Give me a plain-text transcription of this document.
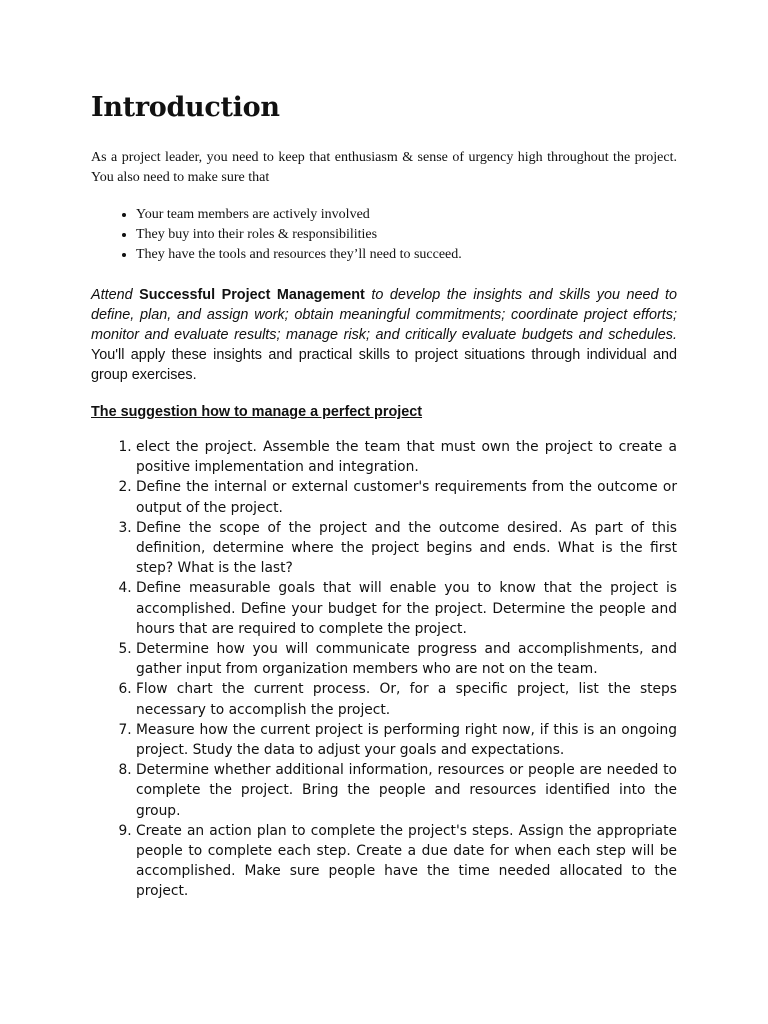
Introduction

As a project leader, you need to keep that enthusiasm & sense of urgency high throughout the project. You also need to make sure that

• Your team members are actively involved
• They buy into their roles & responsibilities
• They have the tools and resources they’ll need to succeed.

Attend Successful Project Management to develop the insights and skills you need to define, plan, and assign work; obtain meaningful commitments; coordinate project efforts; monitor and evaluate results; manage risk; and critically evaluate budgets and schedules. You'll apply these insights and practical skills to project situations through individual and group exercises.

The suggestion how to manage a perfect project
1. elect the project. Assemble the team that must own the project to create a positive implementation and integration.
2. Define the internal or external customer's requirements from the outcome or output of the project.
3. Define the scope of the project and the outcome desired. As part of this definition, determine where the project begins and ends. What is the first step? What is the last?
4. Define measurable goals that will enable you to know that the project is accomplished. Define your budget for the project. Determine the people and hours that are required to complete the project.
5. Determine how you will communicate progress and accomplishments, and gather input from organization members who are not on the team.
6. Flow chart the current process. Or, for a specific project, list the steps necessary to accomplish the project.
7. Measure how the current project is performing right now, if this is an ongoing project. Study the data to adjust your goals and expectations.
8. Determine whether additional information, resources or people are needed to complete the project. Bring the people and resources identified into the group.
9. Create an action plan to complete the project's steps. Assign the appropriate people to complete each step. Create a due date for when each step will be accomplished. Make sure people have the time needed allocated to the project.
